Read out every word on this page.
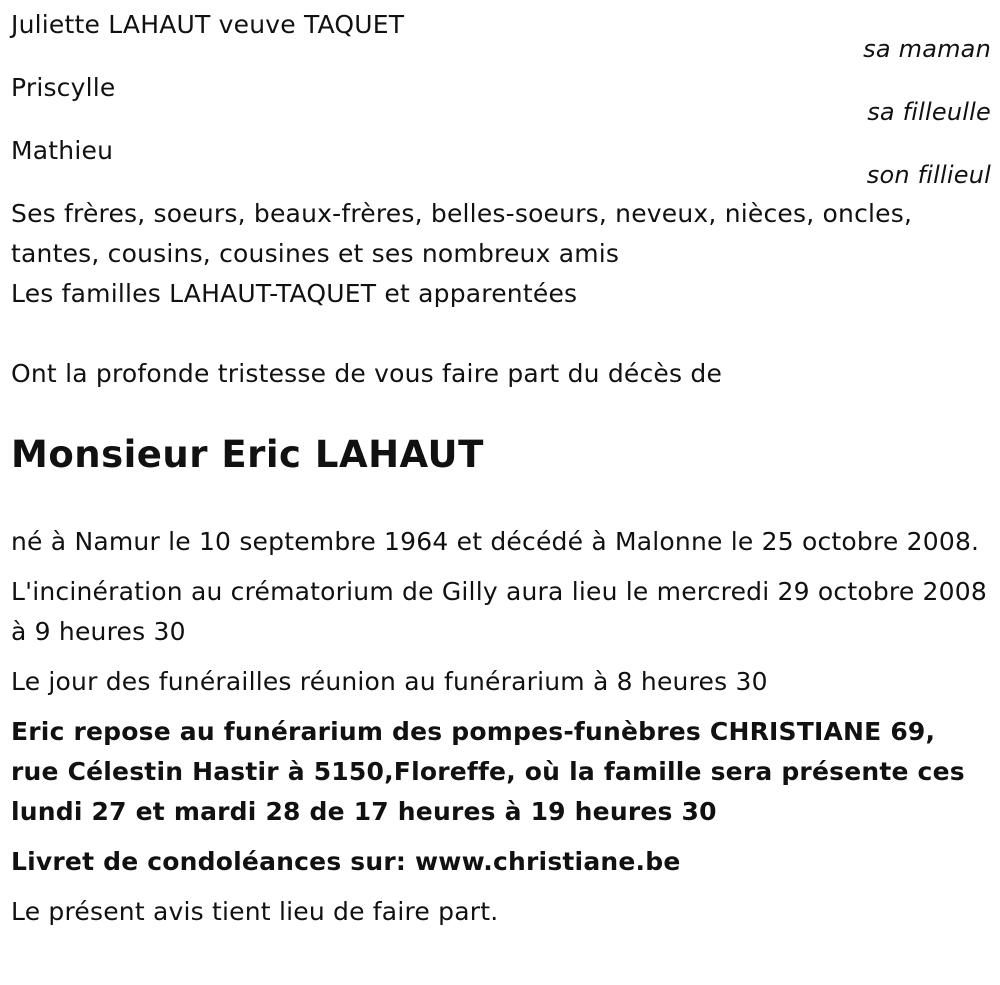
Juliette LAHAUT veuve TAQUET
sa maman
Priscylle
sa filleulle
Mathieu
son fillieul

Ses frères, soeurs, beaux-frères, belles-soeurs, neveux, nièces, oncles,

tantes, cousins, cousines et ses nombreux amis

Les familles LAHAUT-TAQUET et apparentées

Ont la profonde tristesse de vous faire part du décès de

Monsieur Eric LAHAUT

né à Namur le 10 septembre 1964 et décédé à Malonne le 25 octobre 2008.

L'incinération au crématorium de Gilly aura lieu le mercredi 29 octobre 2008 à 9 heures 30

Le jour des funérailles réunion au funérarium à 8 heures 30

Eric repose au funérarium des pompes-funèbres CHRISTIANE 69, rue Célestin Hastir à 5150,Floreffe, où la famille sera présente ces lundi 27 et mardi 28 de 17 heures à 19 heures 30

Livret de condoléances sur: www.christiane.be

Le présent avis tient lieu de faire part.
